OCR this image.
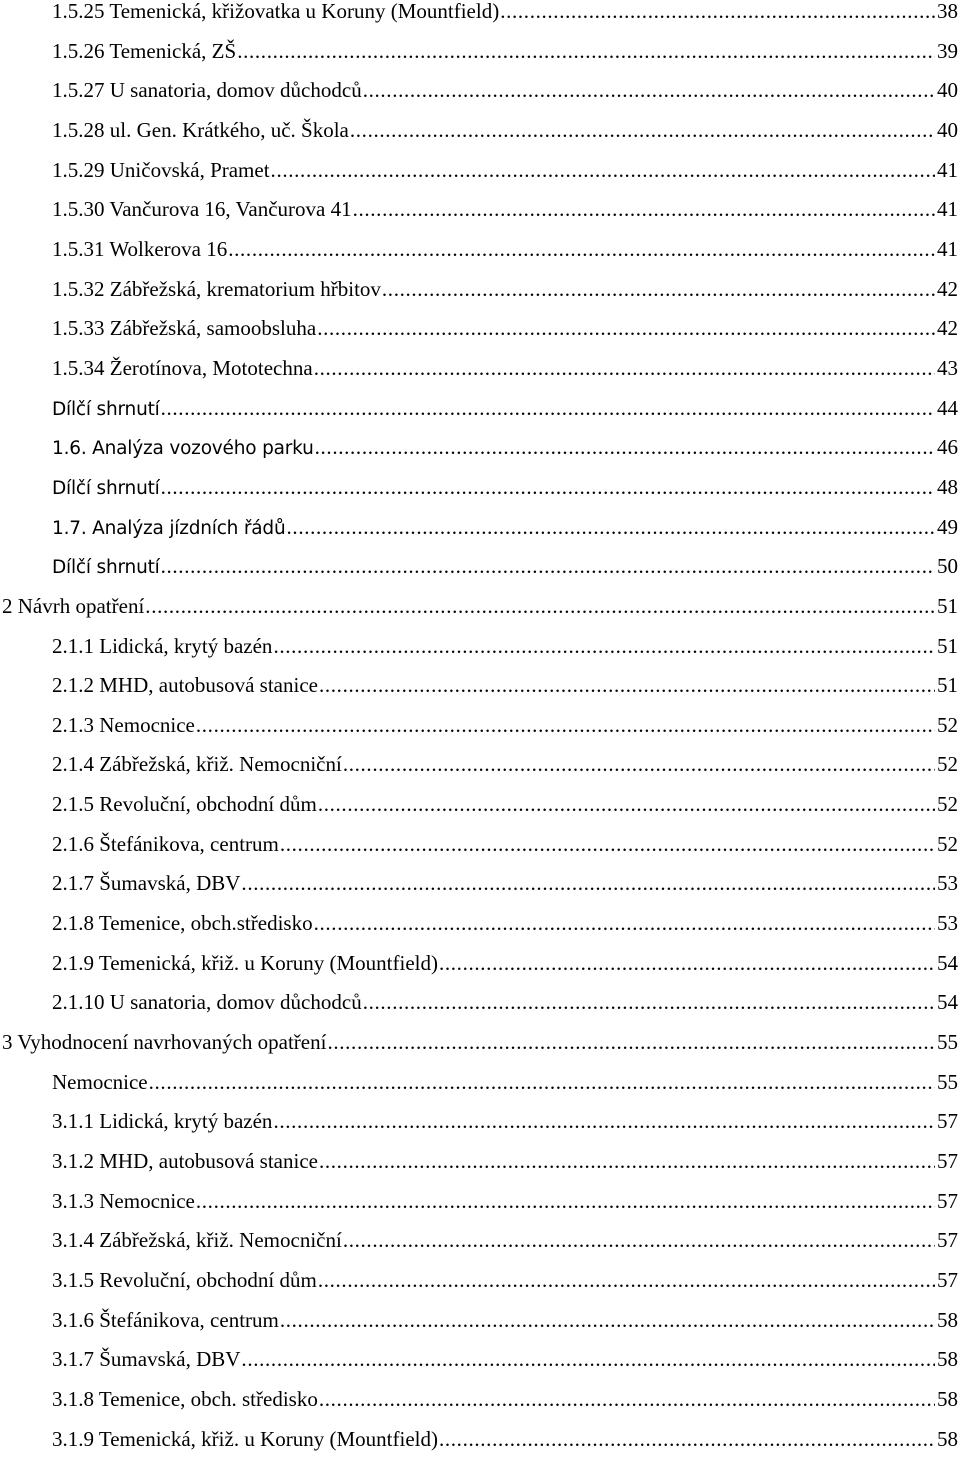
1.5.25 Temenická, křižovatka u Koruny (Mountfield) . . .	38
1.5.26 Temenická, ZŠ . . .	39
1.5.27 U sanatoria, domov důchodců . . .	40
1.5.28 ul. Gen. Krátkého, uč. Škola . . .	40
1.5.29 Uničovská, Pramet . . .	41
1.5.30 Vančurova 16, Vančurova 41 . . .	41
1.5.31 Wolkerova 16 . . .	41
1.5.32 Zábřežská, krematorium hřbitov . . .	42
1.5.33 Zábřežská, samoobsluha . . .	42
1.5.34 Žerotínova, Mototechna . . .	43
Dílčí shrnutí . . .	44
1.6. Analýza vozového parku . . .	46
Dílčí shrnutí . . .	48
1.7. Analýza jízdních řádů . . .	49
Dílčí shrnutí . . .	50
2 Návrh opatření . . .	51
2.1.1 Lidická, krytý bazén . . .	51
2.1.2 MHD, autobusová stanice . . .	51
2.1.3 Nemocnice . . .	52
2.1.4 Zábřežská, křiž. Nemocniční . . .	52
2.1.5 Revoluční, obchodní dům . . .	52
2.1.6 Štefánikova, centrum . . .	52
2.1.7 Šumavská, DBV . . .	53
2.1.8 Temenice, obch.středisko . . .	53
2.1.9 Temenická, křiž. u Koruny (Mountfield) . . .	54
2.1.10 U sanatoria, domov důchodců . . .	54
3 Vyhodnocení navrhovaných opatření . . .	55
Nemocnice . . .	55
3.1.1 Lidická, krytý bazén . . .	57
3.1.2 MHD, autobusová stanice . . .	57
3.1.3 Nemocnice . . .	57
3.1.4 Zábřežská, křiž. Nemocniční . . .	57
3.1.5 Revoluční, obchodní dům . . .	57
3.1.6 Štefánikova, centrum . . .	58
3.1.7 Šumavská, DBV . . .	58
3.1.8 Temenice, obch. středisko . . .	58
3.1.9 Temenická, křiž. u Koruny (Mountfield) . . .	58
